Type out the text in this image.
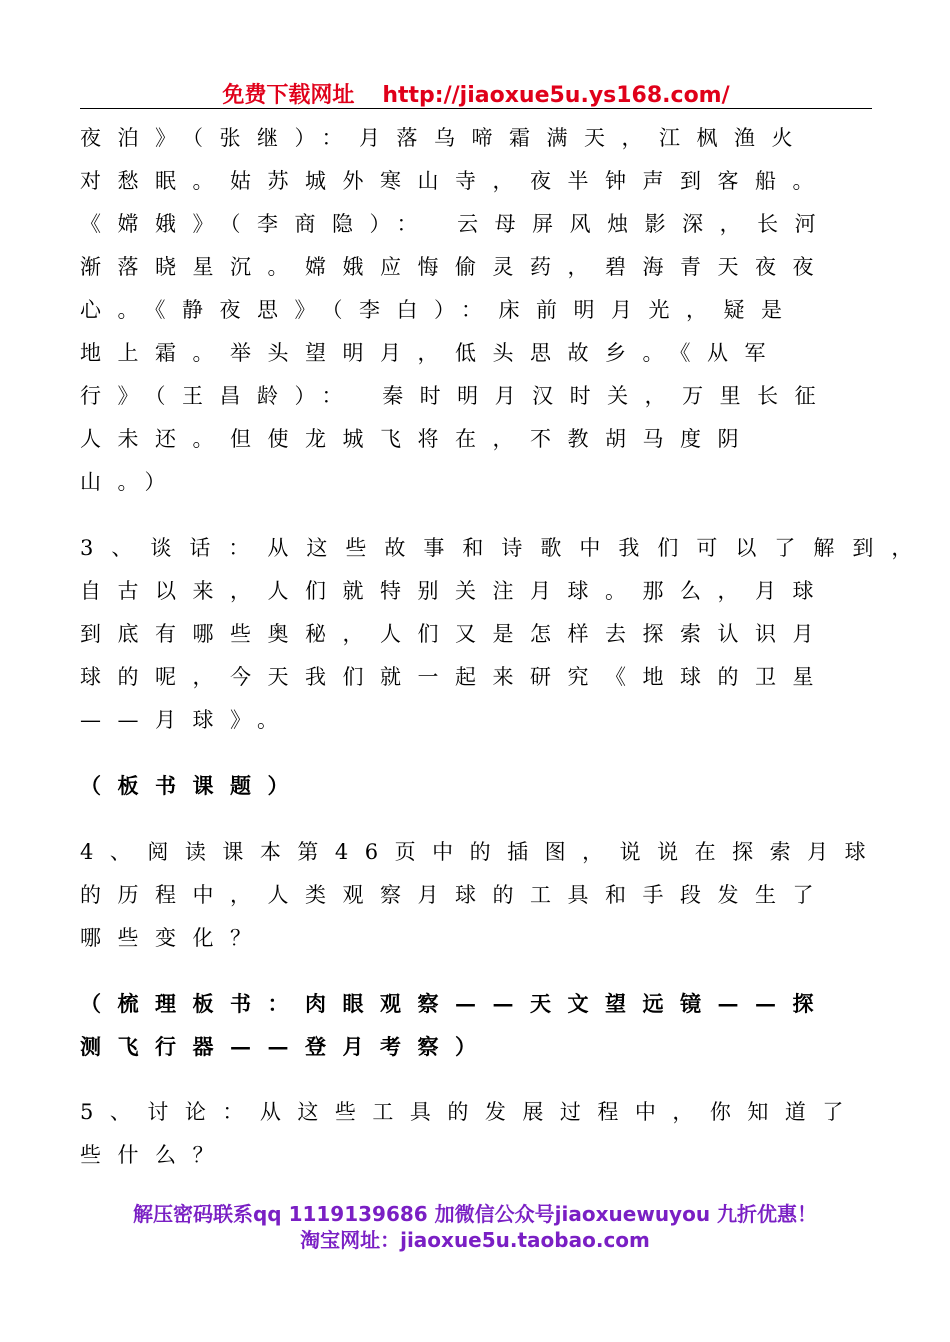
免费下载网址 http://jiaoxue5u.ys168.com/
夜泊》（张继）：月落乌啼霜满天，江枫渔火
对愁眠。姑苏城外寒山寺，夜半钟声到客船。
《嫦娥》（李商隐）： 云母屏风烛影深，长河
渐落晓星沉。嫦娥应悔偷灵药，碧海青天夜夜
心。《静夜思》（李白）：床前明月光，疑是
地上霜。举头望明月，低头思故乡。《从军
行》（王昌龄）： 秦时明月汉时关，万里长征
人未还。但使龙城飞将在，不教胡马度阴
山。）
3、谈话：从这些故事和诗歌中我们可以了解到，
自古以来，人们就特别关注月球。那么，月球
到底有哪些奥秘，人们又是怎样去探索认识月
球的呢，今天我们就一起来研究《地球的卫星
——月球》。
（板书课题）
4、阅读课本第46页中的插图，说说在探索月球
的历程中，人类观察月球的工具和手段发生了
哪些变化？
（梳理板书：肉眼观察——天文望远镜——探
测飞行器——登月考察）
5、讨论：从这些工具的发展过程中，你知道了
些什么？
解压密码联系qq 1119139686 加微信公众号jiaoxuewuyou 九折优惠！
淘宝网址：jiaoxue5u.taobao.com
